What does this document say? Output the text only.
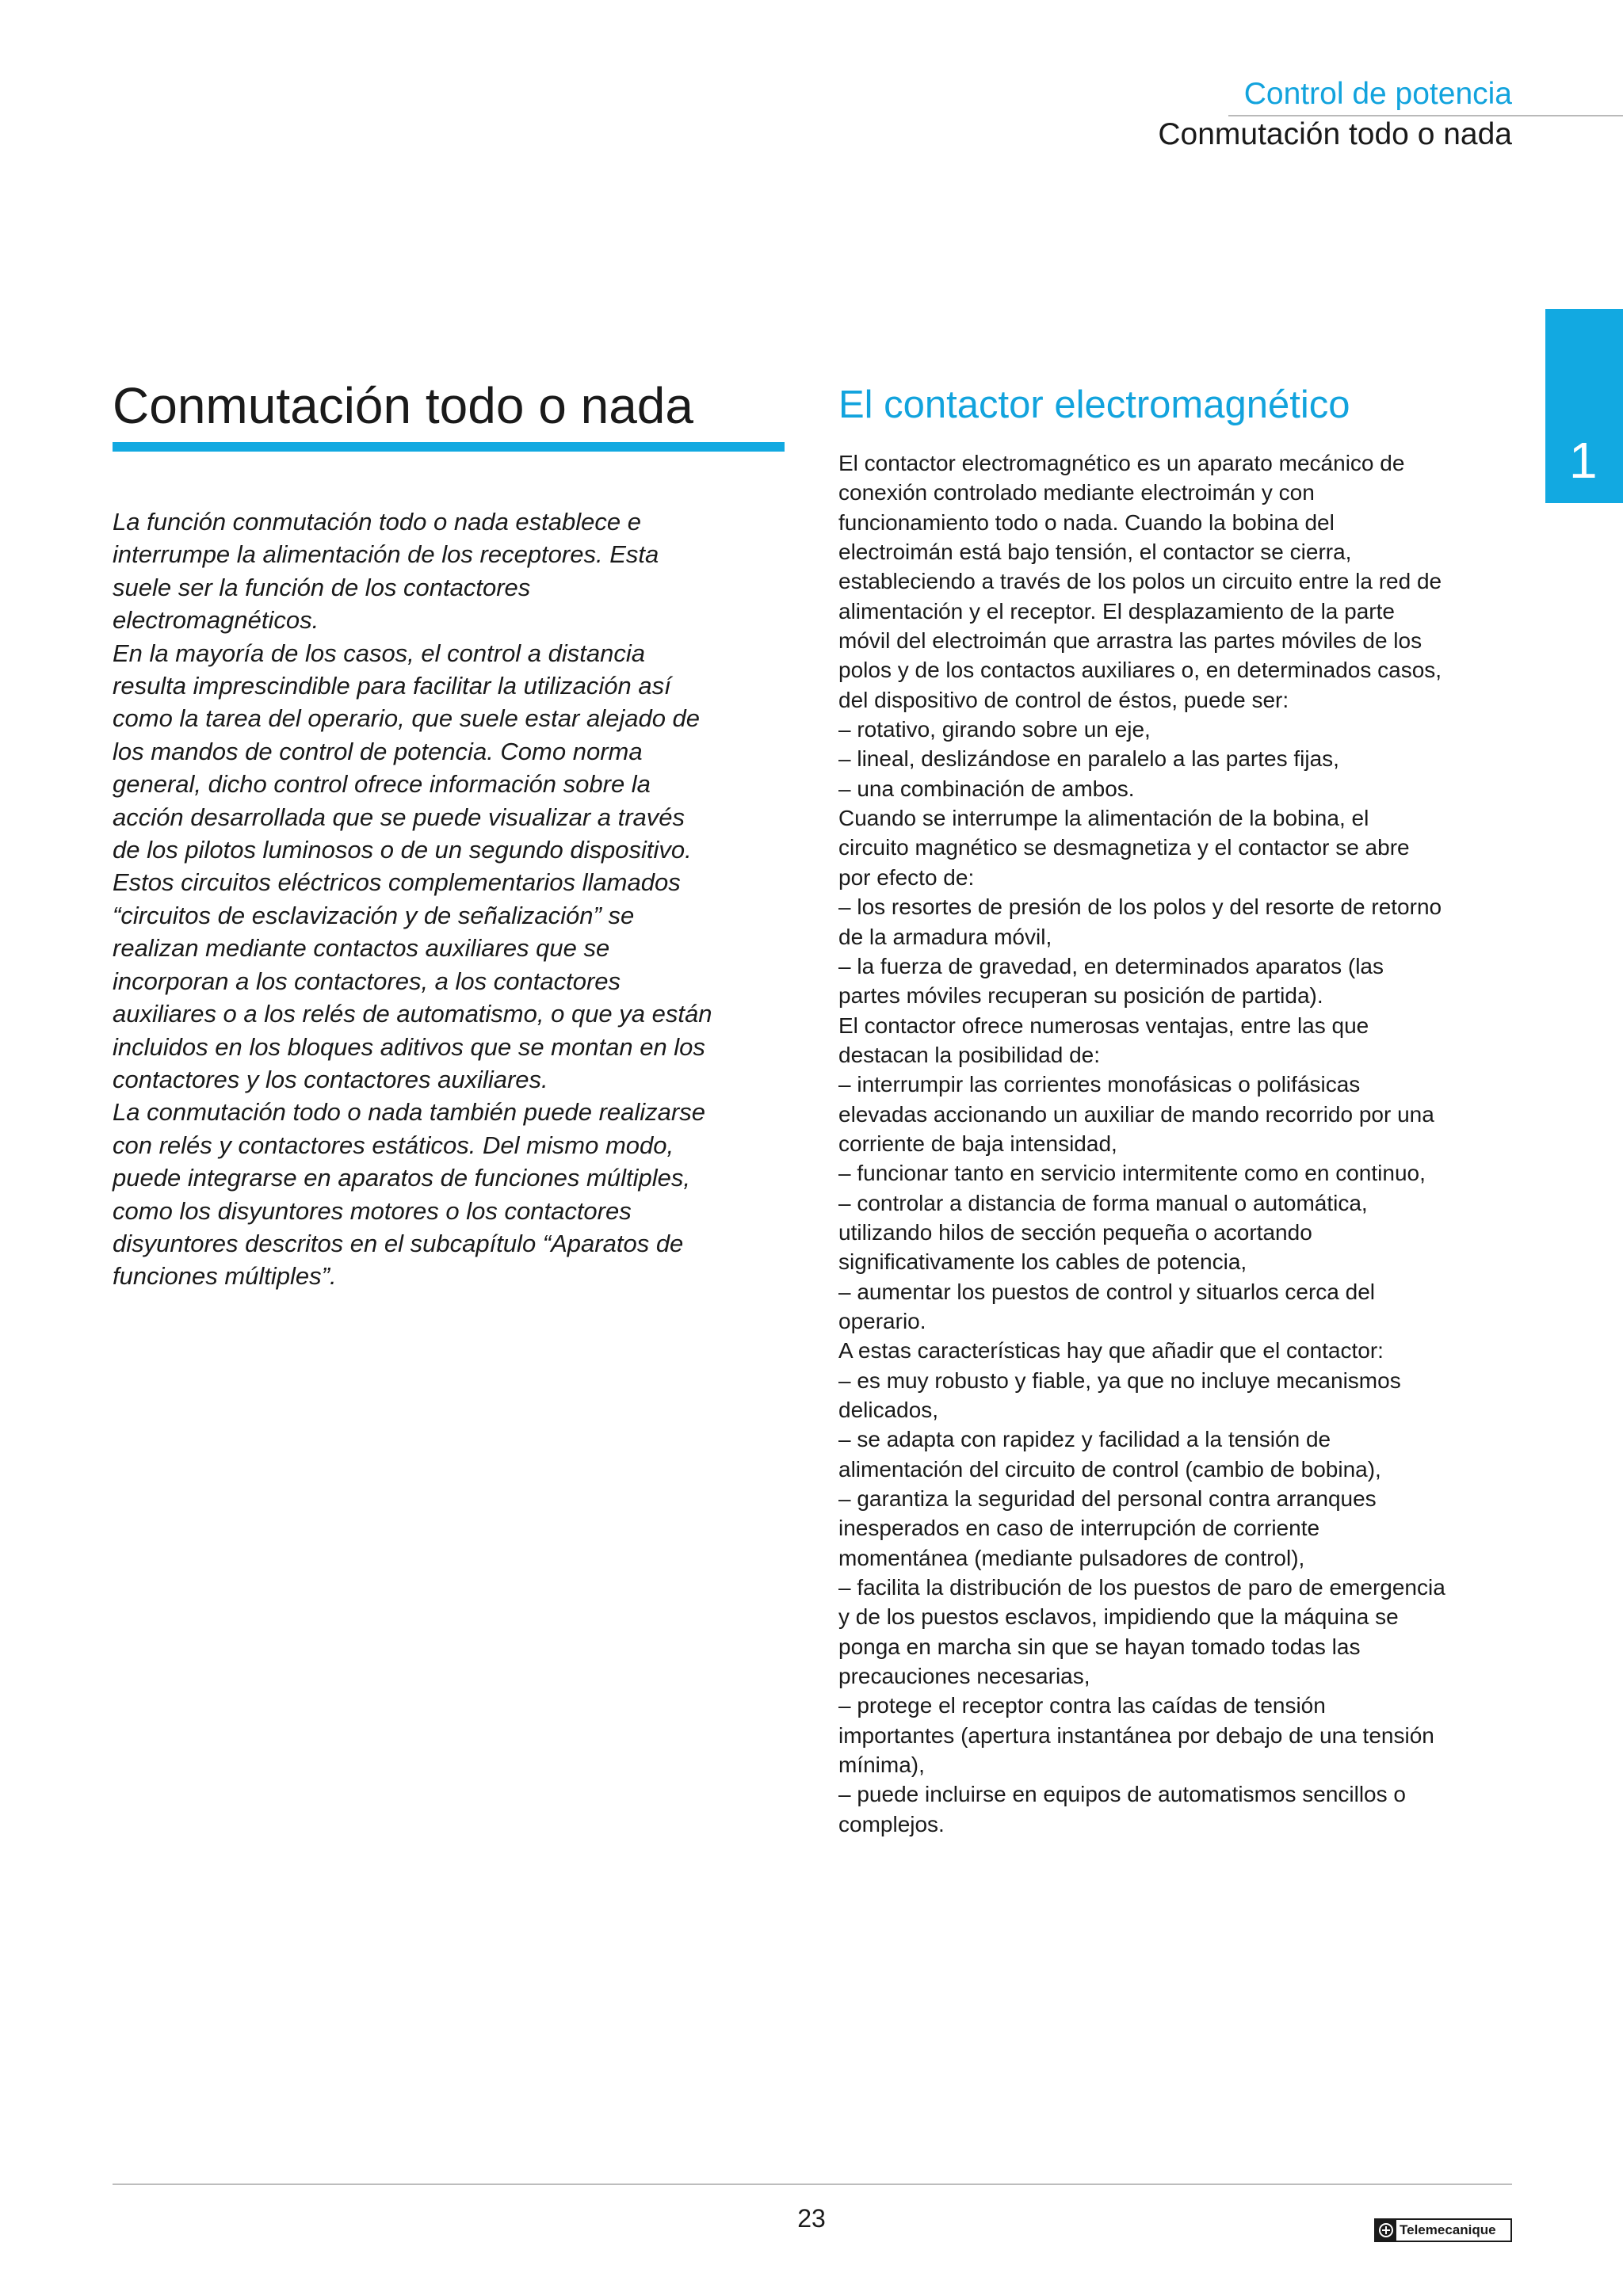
Control de potencia
Conmutación todo o nada
1
Conmutación todo o nada

La función conmutación todo o nada establece e

interrumpe la alimentación de los receptores. Esta

suele ser la función de los contactores

electromagnéticos.

En la mayoría de los casos, el control a distancia

resulta imprescindible para facilitar la utilización así

como la tarea del operario, que suele estar alejado de

los mandos de control de potencia. Como norma

general, dicho control ofrece información sobre la

acción desarrollada que se puede visualizar a través

de los pilotos luminosos o de un segundo dispositivo.

Estos circuitos eléctricos complementarios llamados

“circuitos de esclavización y de señalización” se

realizan mediante contactos auxiliares que se

incorporan a los contactores, a los contactores

auxiliares o a los relés de automatismo, o que ya están

incluidos en los bloques aditivos que se montan en los

contactores y los contactores auxiliares.

La conmutación todo o nada también puede realizarse

con relés y contactores estáticos. Del mismo modo,

puede integrarse en aparatos de funciones múltiples,

como los disyuntores motores o los contactores

disyuntores descritos en el subcapítulo “Aparatos de

funciones múltiples”.

El contactor electromagnético

El contactor electromagnético es un aparato mecánico de

conexión controlado mediante electroimán y con

funcionamiento todo o nada. Cuando la bobina del

electroimán está bajo tensión, el contactor se cierra,

estableciendo a través de los polos un circuito entre la red de

alimentación y el receptor. El desplazamiento de la parte

móvil del electroimán que arrastra las partes móviles de los

polos y de los contactos auxiliares o, en determinados casos,

del dispositivo de control de éstos, puede ser:

– rotativo, girando sobre un eje,

– lineal, deslizándose en paralelo a las partes fijas,

– una combinación de ambos.

Cuando se interrumpe la alimentación de la bobina, el

circuito magnético se desmagnetiza y el contactor se abre

por efecto de:

– los resortes de presión de los polos y del resorte de retorno

de la armadura móvil,

– la fuerza de gravedad, en determinados aparatos (las

partes móviles recuperan su posición de partida).

El contactor ofrece numerosas ventajas, entre las que

destacan la posibilidad de:

– interrumpir las corrientes monofásicas o polifásicas

elevadas accionando un auxiliar de mando recorrido por una

corriente de baja intensidad,

– funcionar tanto en servicio intermitente como en continuo,

– controlar a distancia de forma manual o automática,

utilizando hilos de sección pequeña o acortando

significativamente los cables de potencia,

– aumentar los puestos de control y situarlos cerca del

operario.

A estas características hay que añadir que el contactor:

– es muy robusto y fiable, ya que no incluye mecanismos

delicados,

– se adapta con rapidez y facilidad a la tensión de

alimentación del circuito de control (cambio de bobina),

– garantiza la seguridad del personal contra arranques

inesperados en caso de interrupción de corriente

momentánea (mediante pulsadores de control),

– facilita la distribución de los puestos de paro de emergencia

y de los puestos esclavos, impidiendo que la máquina se

ponga en marcha sin que se hayan tomado todas las

precauciones necesarias,

– protege el receptor contra las caídas de tensión

importantes (apertura instantánea por debajo de una tensión

mínima),

– puede incluirse en equipos de automatismos sencillos o

complejos.

23	Telemecanique
